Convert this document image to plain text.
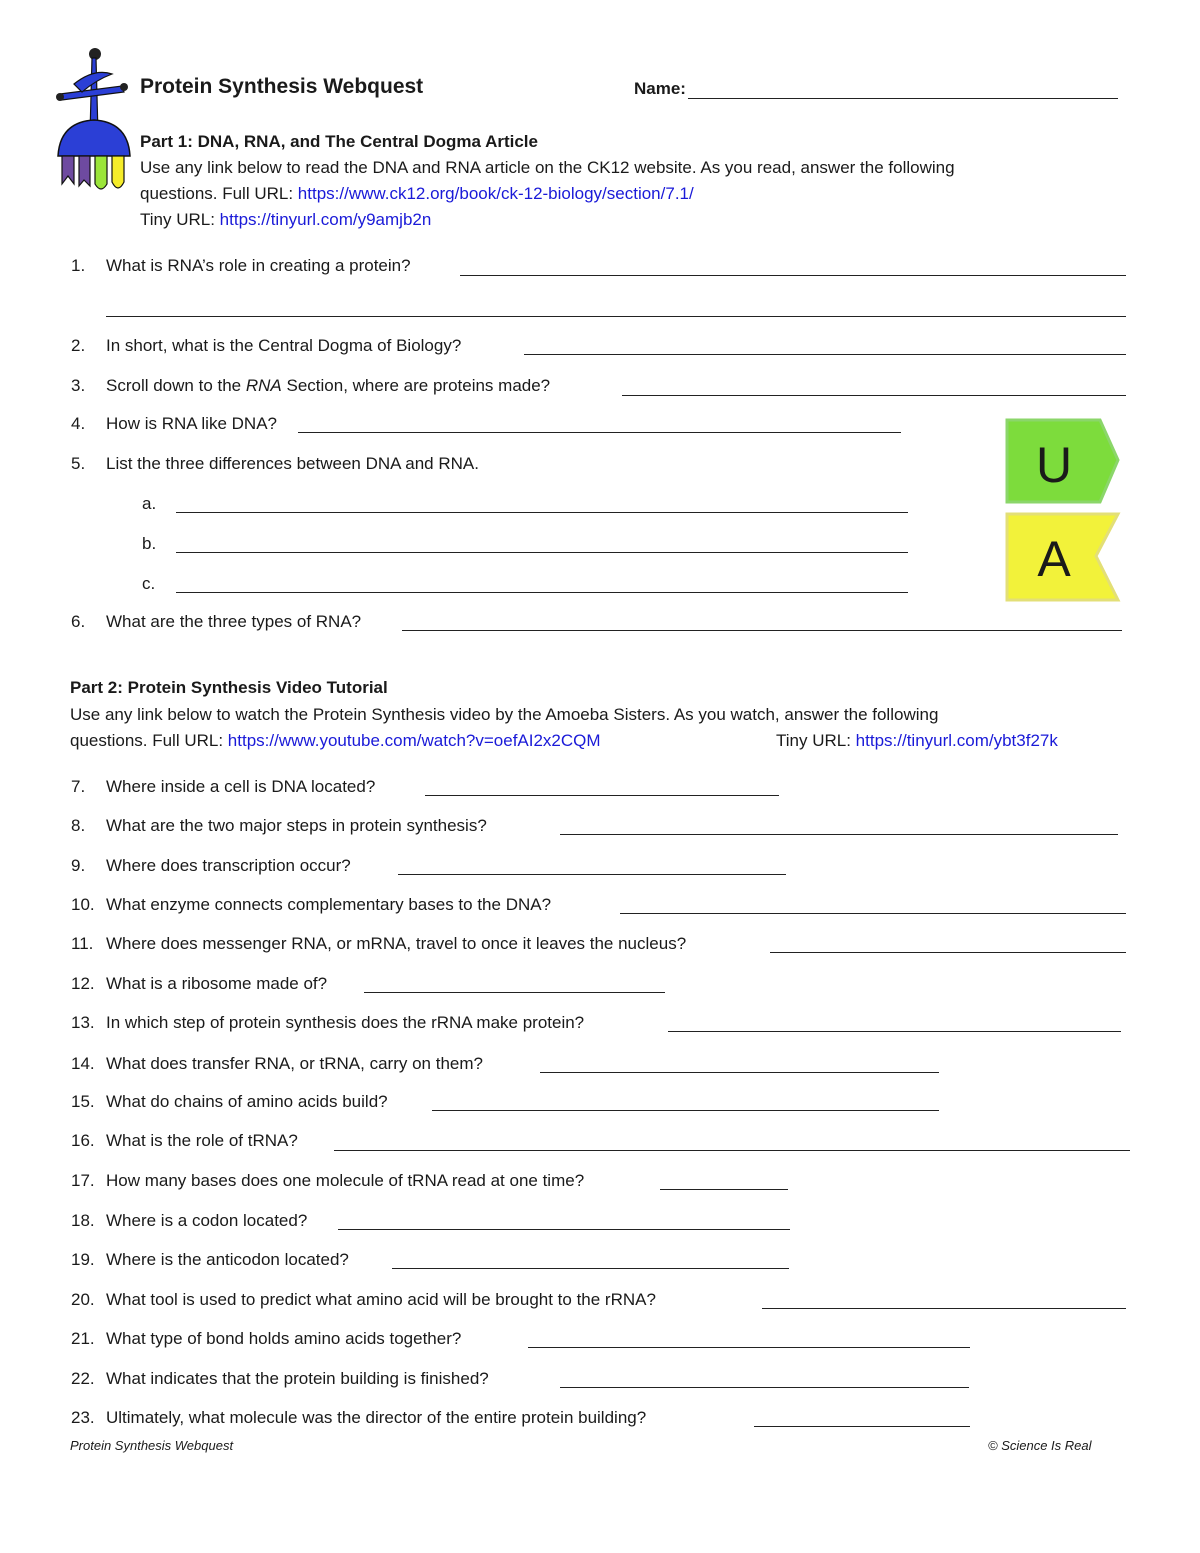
Protein Synthesis Webquest	Name:
Part 1: DNA, RNA, and The Central Dogma Article
Use any link below to read the DNA and RNA article on the CK12 website. As you read, answer the following
questions. Full URL: https://www.ck12.org/book/ck-12-biology/section/7.1/
Tiny URL: https://tinyurl.com/y9amjb2n
1.	What is RNA’s role in creating a protein?
2.	In short, what is the Central Dogma of Biology?
3.	Scroll down to the RNA Section, where are proteins made?
4.	How is RNA like DNA?
5.	List the three differences between DNA and RNA.
a.
b.
c.
6.	What are the three types of RNA?
U
A
Part 2: Protein Synthesis Video Tutorial
Use any link below to watch the Protein Synthesis video by the Amoeba Sisters. As you watch, answer the following
questions. Full URL: https://www.youtube.com/watch?v=oefAI2x2CQM	Tiny URL: https://tinyurl.com/ybt3f27k
7.	Where inside a cell is DNA located?
8.	What are the two major steps in protein synthesis?
9.	Where does transcription occur?
10. What enzyme connects complementary bases to the DNA?
11. Where does messenger RNA, or mRNA, travel to once it leaves the nucleus?
12. What is a ribosome made of?
13. In which step of protein synthesis does the rRNA make protein?
14. What does transfer RNA, or tRNA, carry on them?
15. What do chains of amino acids build?
16. What is the role of tRNA?
17. How many bases does one molecule of tRNA read at one time?
18. Where is a codon located?
19. Where is the anticodon located?
20. What tool is used to predict what amino acid will be brought to the rRNA?
21. What type of bond holds amino acids together?
22. What indicates that the protein building is finished?
23. Ultimately, what molecule was the director of the entire protein building?
Protein Synthesis Webquest	© Science Is Real
